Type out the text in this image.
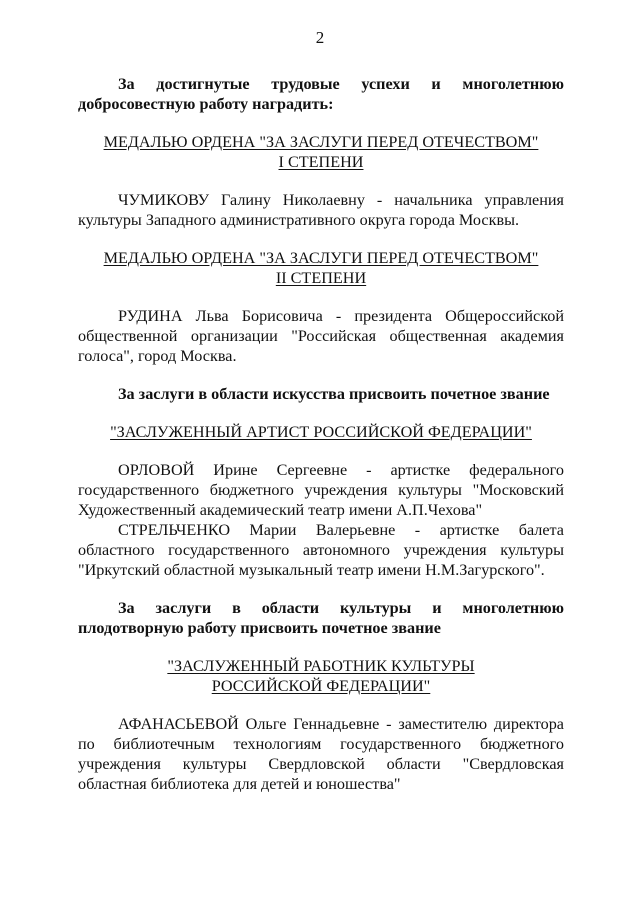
2

За достигнутые трудовые успехи и многолетнюю добросовестную работу наградить:

МЕДАЛЬЮ ОРДЕНА "ЗА ЗАСЛУГИ ПЕРЕД ОТЕЧЕСТВОМ"
I СТЕПЕНИ

ЧУМИКОВУ Галину Николаевну - начальника управления культуры Западного административного округа города Москвы.

МЕДАЛЬЮ ОРДЕНА "ЗА ЗАСЛУГИ ПЕРЕД ОТЕЧЕСТВОМ"
II СТЕПЕНИ

РУДИНА Льва Борисовича - президента Общероссийской общественной организации "Российская общественная академия голоса", город Москва.

За заслуги в области искусства присвоить почетное звание

"ЗАСЛУЖЕННЫЙ АРТИСТ РОССИЙСКОЙ ФЕДЕРАЦИИ"

ОРЛОВОЙ Ирине Сергеевне - артистке федерального государственного бюджетного учреждения культуры "Московский Художественный академический театр имени А.П.Чехова"

СТРЕЛЬЧЕНКО Марии Валерьевне - артистке балета областного государственного автономного учреждения культуры "Иркутский областной музыкальный театр имени Н.М.Загурского".

За заслуги в области культуры и многолетнюю плодотворную работу присвоить почетное звание

"ЗАСЛУЖЕННЫЙ РАБОТНИК КУЛЬТУРЫ
РОССИЙСКОЙ ФЕДЕРАЦИИ"

АФАНАСЬЕВОЙ Ольге Геннадьевне - заместителю директора по библиотечным технологиям государственного бюджетного учреждения культуры Свердловской области "Свердловская областная библиотека для детей и юношества"
